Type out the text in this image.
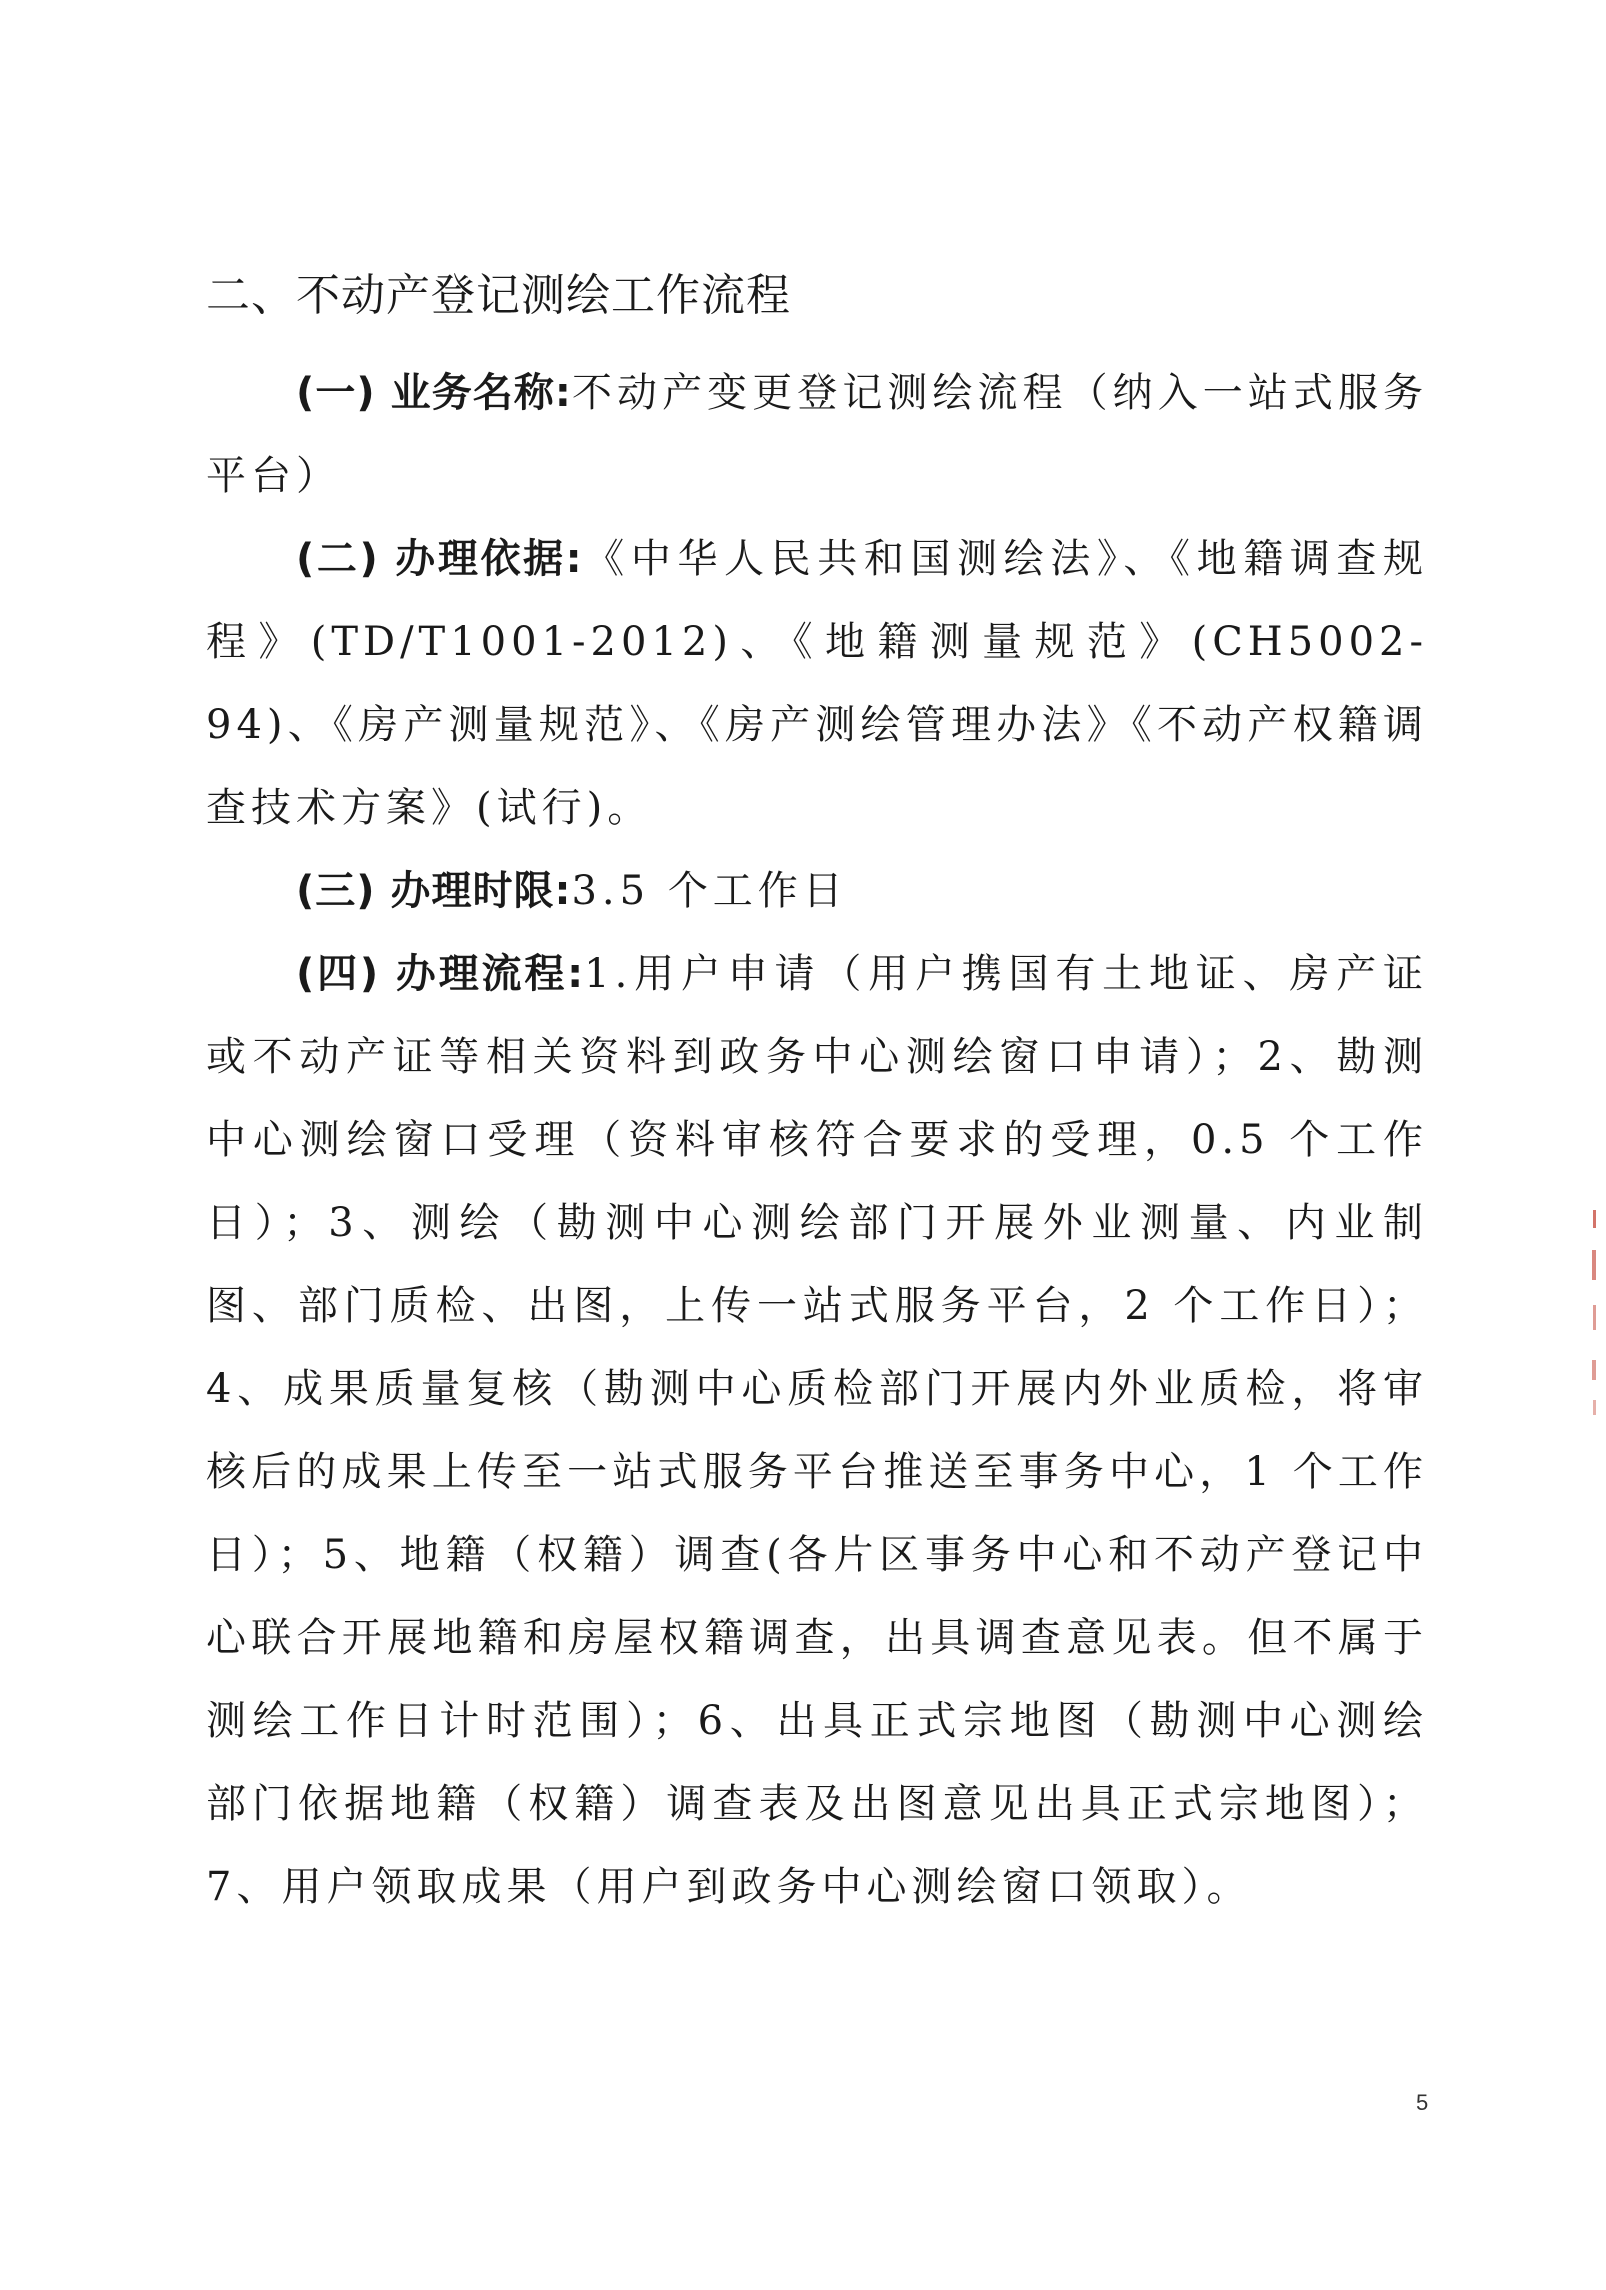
二、不动产登记测绘工作流程

(一) 业务名称:不动产变更登记测绘流程（纳入一站式服务平台）

(二) 办理依据:《中华人民共和国测绘法》、《地籍调查规程》(TD/T1001-2012)、《地籍测量规范》(CH5002-94)、《房产测量规范》、《房产测绘管理办法》《不动产权籍调查技术方案》(试行)。

(三) 办理时限:3.5 个工作日

(四) 办理流程:1.用户申请（用户携国有土地证、房产证或不动产证等相关资料到政务中心测绘窗口申请）；2、勘测中心测绘窗口受理（资料审核符合要求的受理，0.5 个工作日）；3、测绘（勘测中心测绘部门开展外业测量、内业制图、部门质检、出图，上传一站式服务平台，2 个工作日）；4、成果质量复核（勘测中心质检部门开展内外业质检，将审核后的成果上传至一站式服务平台推送至事务中心，1 个工作日）；5、地籍（权籍）调查(各片区事务中心和不动产登记中心联合开展地籍和房屋权籍调查，出具调查意见表。但不属于测绘工作日计时范围）；6、出具正式宗地图（勘测中心测绘部门依据地籍（权籍）调查表及出图意见出具正式宗地图）；7、用户领取成果（用户到政务中心测绘窗口领取）。

5
